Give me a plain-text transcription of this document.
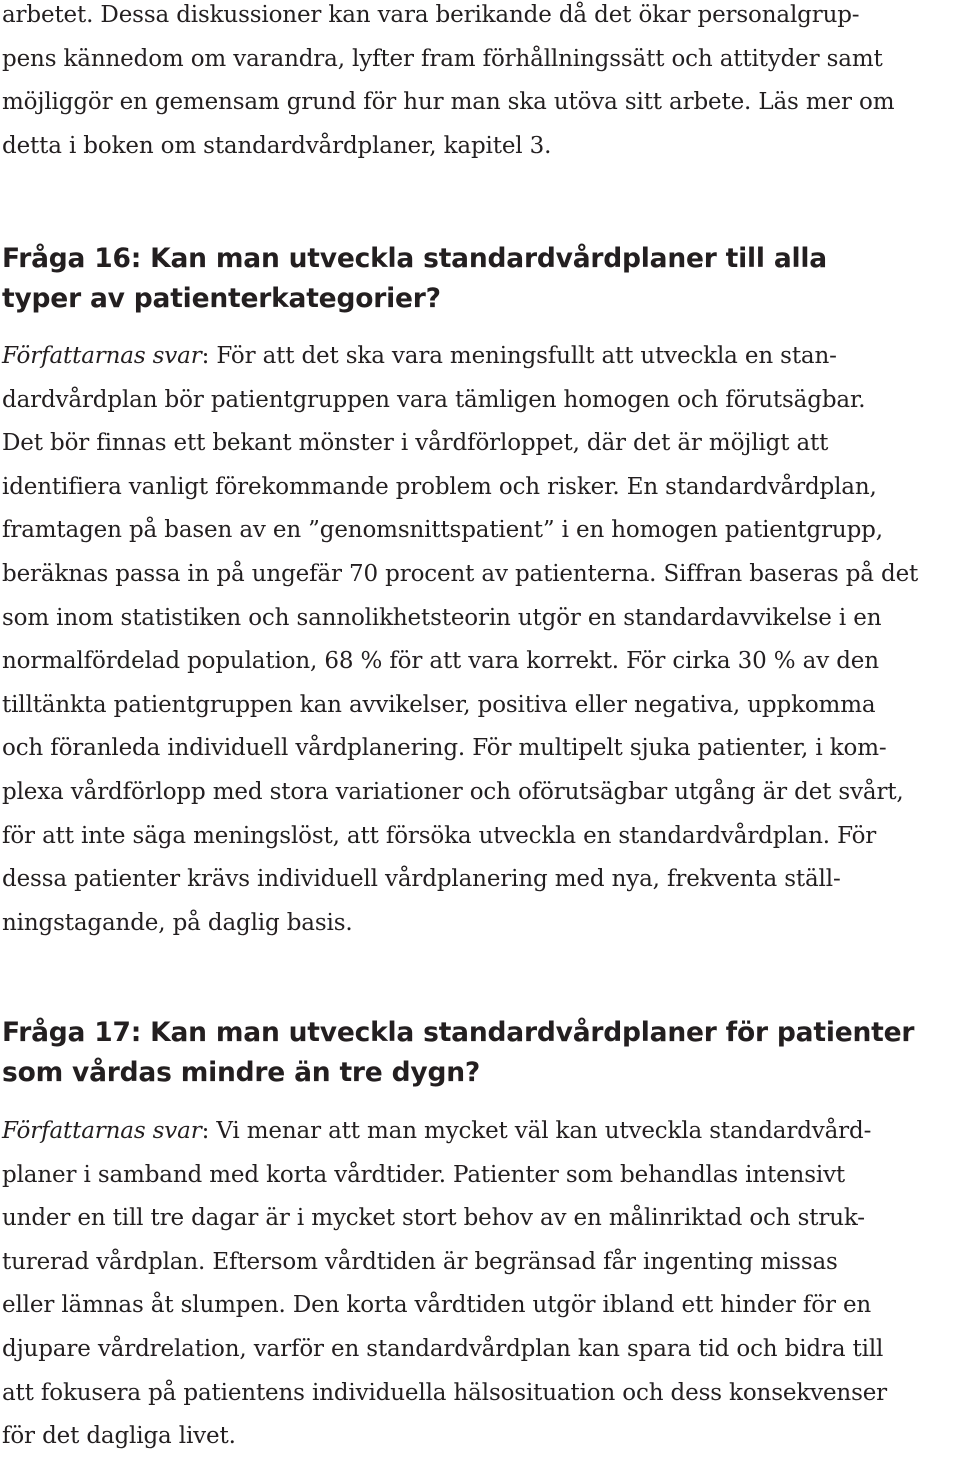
arbetet. Dessa diskussioner kan vara berikande då det ökar personalgrup-
pens kännedom om varandra, lyfter fram förhållningssätt och attityder samt
möjliggör en gemensam grund för hur man ska utöva sitt arbete. Läs mer om
detta i boken om standardvårdplaner, kapitel 3.

Fråga 16: Kan man utveckla standardvårdplaner till alla
typer av patienterkategorier?

Författarnas svar: För att det ska vara meningsfullt att utveckla en stan-
dardvårdplan bör patientgruppen vara tämligen homogen och förutsägbar.
Det bör finnas ett bekant mönster i vårdförloppet, där det är möjligt att
identifiera vanligt förekommande problem och risker. En standardvårdplan,
framtagen på basen av en ”genomsnittspatient” i en homogen patientgrupp,
beräknas passa in på ungefär 70 procent av patienterna. Siffran baseras på det
som inom statistiken och sannolikhetsteorin utgör en standardavvikelse i en
normalfördelad population, 68 % för att vara korrekt. För cirka 30 % av den
tilltänkta patientgruppen kan avvikelser, positiva eller negativa, uppkomma
och föranleda individuell vårdplanering. För multipelt sjuka patienter, i kom-
plexa vårdförlopp med stora variationer och oförutsägbar utgång är det svårt,
för att inte säga meningslöst, att försöka utveckla en standardvårdplan. För
dessa patienter krävs individuell vårdplanering med nya, frekventa ställ-
ningstagande, på daglig basis.

Fråga 17: Kan man utveckla standardvårdplaner för patienter
som vårdas mindre än tre dygn?

Författarnas svar: Vi menar att man mycket väl kan utveckla standardvård-
planer i samband med korta vårdtider. Patienter som behandlas intensivt
under en till tre dagar är i mycket stort behov av en målinriktad och struk-
turerad vårdplan. Eftersom vårdtiden är begränsad får ingenting missas
eller lämnas åt slumpen. Den korta vårdtiden utgör ibland ett hinder för en
djupare vårdrelation, varför en standardvårdplan kan spara tid och bidra till
att fokusera på patientens individuella hälsosituation och dess konsekvenser
för det dagliga livet.
